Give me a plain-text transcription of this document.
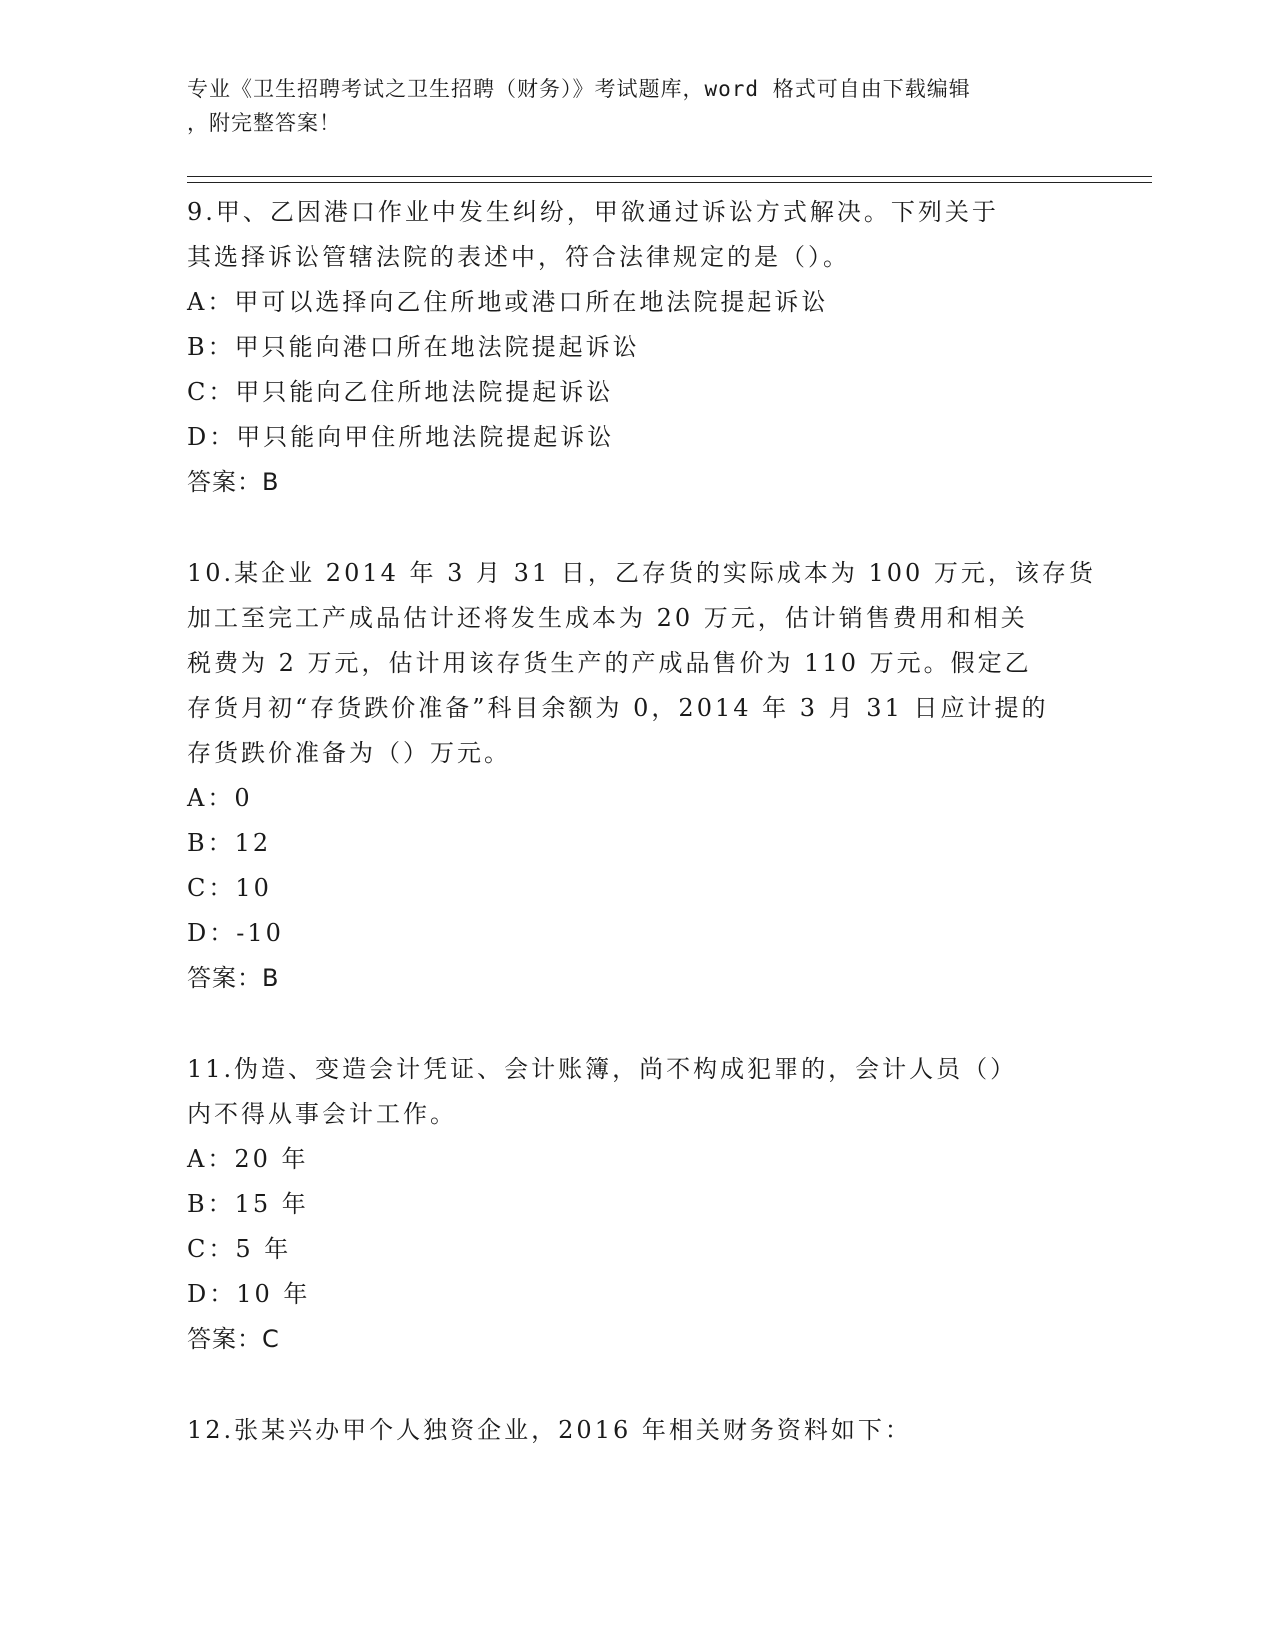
专业《卫生招聘考试之卫生招聘（财务）》考试题库，word 格式可自由下载编辑
，附完整答案！
9.甲、乙因港口作业中发生纠纷，甲欲通过诉讼方式解决。下列关于
其选择诉讼管辖法院的表述中，符合法律规定的是（）。
A：甲可以选择向乙住所地或港口所在地法院提起诉讼
B：甲只能向港口所在地法院提起诉讼
C：甲只能向乙住所地法院提起诉讼
D：甲只能向甲住所地法院提起诉讼
答案：B
10.某企业 2014 年 3 月 31 日，乙存货的实际成本为 100 万元，该存货
加工至完工产成品估计还将发生成本为 20 万元，估计销售费用和相关
税费为 2 万元，估计用该存货生产的产成品售价为 110 万元。假定乙
存货月初“存货跌价准备”科目余额为 0，2014 年 3 月 31 日应计提的
存货跌价准备为（）万元。
A：0
B：12
C：10
D：-10
答案：B
11.伪造、变造会计凭证、会计账簿，尚不构成犯罪的，会计人员（）
内不得从事会计工作。
A：20 年
B：15 年
C：5 年
D：10 年
答案：C
12.张某兴办甲个人独资企业，2016 年相关财务资料如下：
